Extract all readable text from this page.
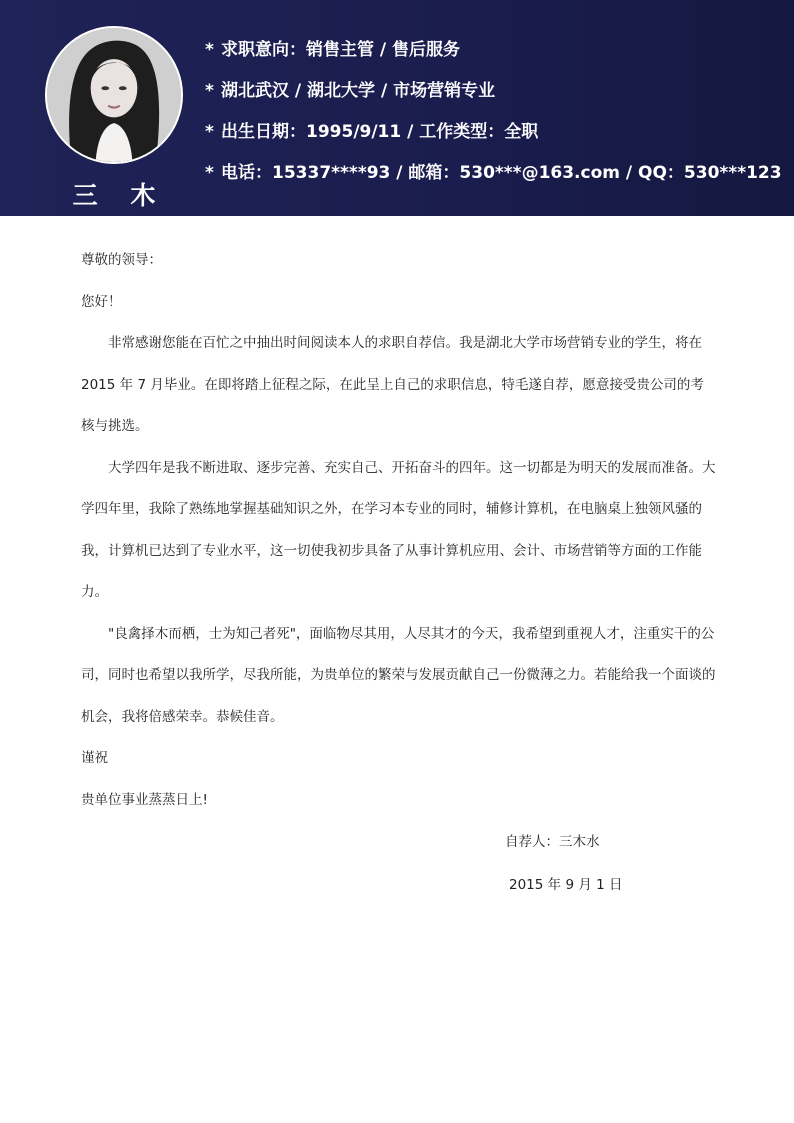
三 木 水
* 求职意向：销售主管 / 售后服务
* 湖北武汉 / 湖北大学 / 市场营销专业
* 出生日期：1995/9/11 / 工作类型：全职
* 电话：15337****93 / 邮箱：530***@163.com / QQ：530***123

尊敬的领导：

您好！

非常感谢您能在百忙之中抽出时间阅读本人的求职自荐信。我是湖北大学市场营销专业的学生，将在 2015 年 7 月毕业。在即将踏上征程之际，在此呈上自己的求职信息，特毛遂自荐，愿意接受贵公司的考核与挑选。

大学四年是我不断进取、逐步完善、充实自己、开拓奋斗的四年。这一切都是为明天的发展而准备。大学四年里，我除了熟练地掌握基础知识之外，在学习本专业的同时，辅修计算机，在电脑桌上独领风骚的我，计算机已达到了专业水平，这一切使我初步具备了从事计算机应用、会计、市场营销等方面的工作能力。

"良禽择木而栖，士为知己者死"，面临物尽其用，人尽其才的今天，我希望到重视人才，注重实干的公司，同时也希望以我所学，尽我所能，为贵单位的繁荣与发展贡献自己一份微薄之力。若能给我一个面谈的机会，我将倍感荣幸。恭候佳音。

谨祝

贵单位事业蒸蒸日上!

自荐人：三木水
2015 年 9 月 1 日
